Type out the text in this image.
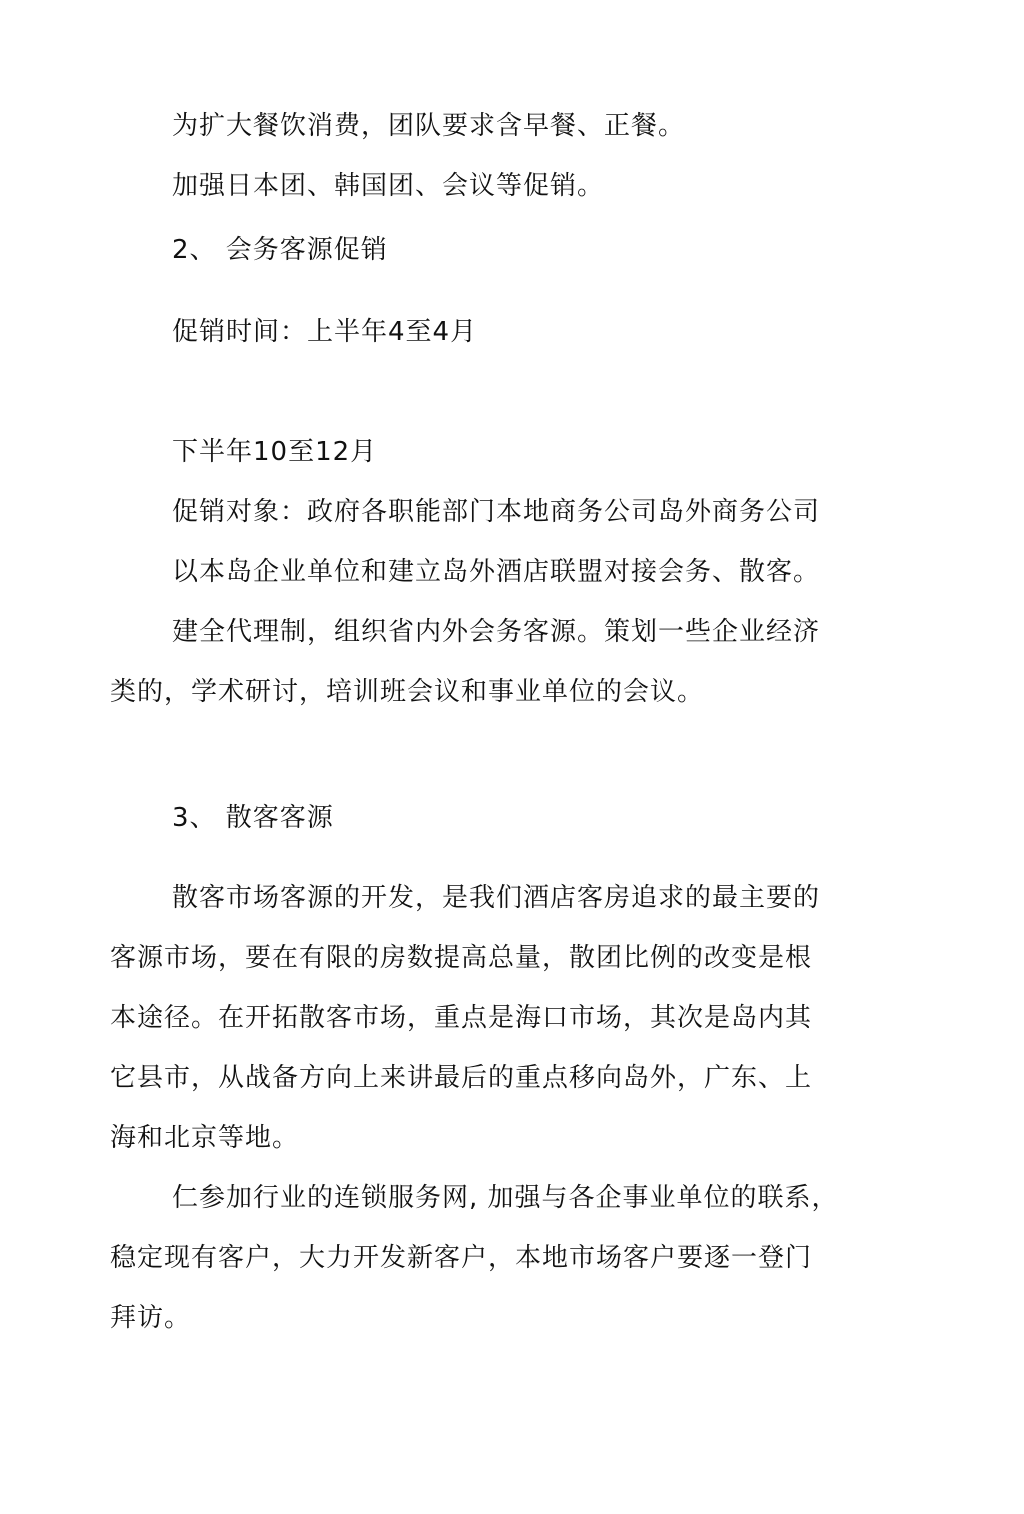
为扩大餐饮消费，团队要求含早餐、正餐。
加强日本团、韩国团、会议等促销。
2、 会务客源促销
促销时间：上半年4至4月
下半年10至12月
促销对象：政府各职能部门本地商务公司岛外商务公司
以本岛企业单位和建立岛外酒店联盟对接会务、散客。
建全代理制，组织省内外会务客源。策划一些企业经济
类的，学术研讨，培训班会议和事业单位的会议。
3、 散客客源
散客市场客源的开发，是我们酒店客房追求的最主要的
客源市场，要在有限的房数提高总量，散团比例的改变是根
本途径。在开拓散客市场，重点是海口市场，其次是岛内其
它县市，从战备方向上来讲最后的重点移向岛外，广东、上
海和北京等地。
仁参加行业的连锁服务网, 加强与各企事业单位的联系，
稳定现有客户，大力开发新客户，本地市场客户要逐一登门
拜访。
